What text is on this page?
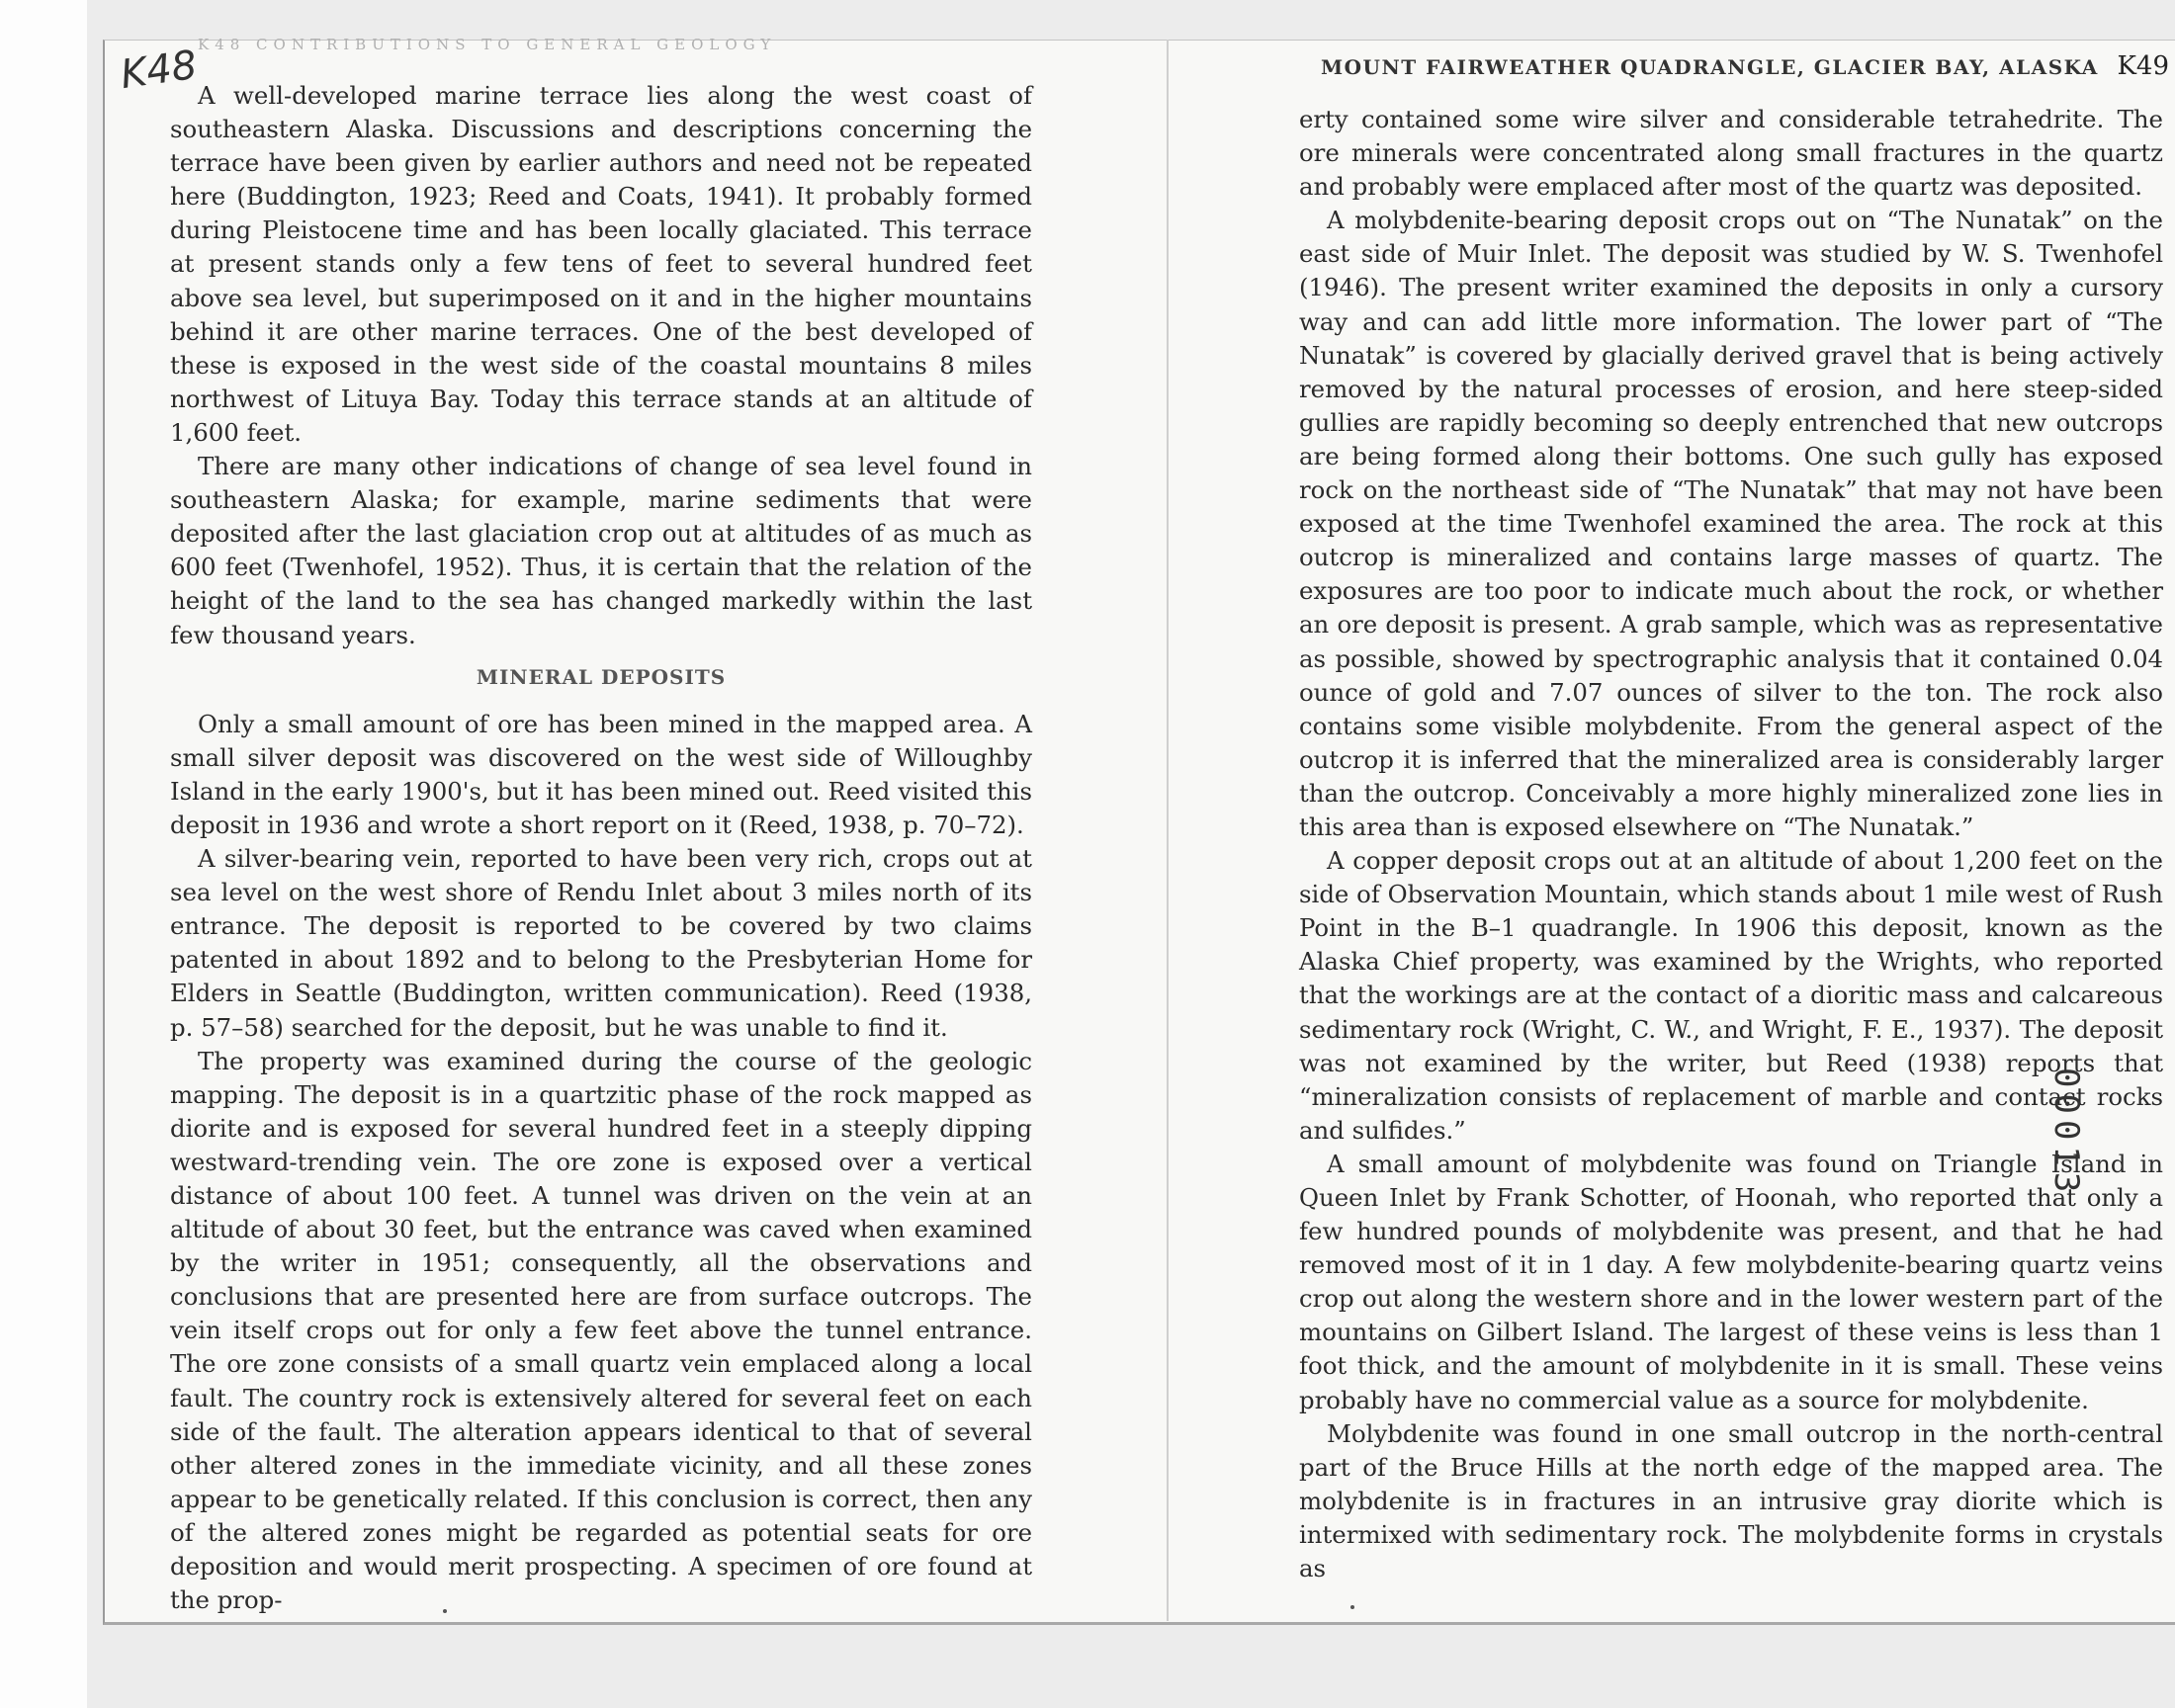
K48
K48 CONTRIBUTIONS TO GENERAL GEOLOGY
MOUNT FAIRWEATHER QUADRANGLE, GLACIER BAY, ALASKA K49

A well-developed marine terrace lies along the west coast of southeastern Alaska. Discussions and descriptions concerning the terrace have been given by earlier authors and need not be repeated here (Buddington, 1923; Reed and Coats, 1941). It probably formed during Pleistocene time and has been locally glaciated. This terrace at present stands only a few tens of feet to several hundred feet above sea level, but superimposed on it and in the higher mountains behind it are other marine terraces. One of the best developed of these is exposed in the west side of the coastal mountains 8 miles northwest of Lituya Bay. Today this terrace stands at an altitude of 1,600 feet.

There are many other indications of change of sea level found in southeastern Alaska; for example, marine sediments that were deposited after the last glaciation crop out at altitudes of as much as 600 feet (Twenhofel, 1952). Thus, it is certain that the relation of the height of the land to the sea has changed markedly within the last few thousand years.

MINERAL DEPOSITS

Only a small amount of ore has been mined in the mapped area. A small silver deposit was discovered on the west side of Willoughby Island in the early 1900's, but it has been mined out. Reed visited this deposit in 1936 and wrote a short report on it (Reed, 1938, p. 70–72).

A silver-bearing vein, reported to have been very rich, crops out at sea level on the west shore of Rendu Inlet about 3 miles north of its entrance. The deposit is reported to be covered by two claims patented in about 1892 and to belong to the Presbyterian Home for Elders in Seattle (Buddington, written communication). Reed (1938, p. 57–58) searched for the deposit, but he was unable to find it.

The property was examined during the course of the geologic mapping. The deposit is in a quartzitic phase of the rock mapped as diorite and is exposed for several hundred feet in a steeply dipping westward-trending vein. The ore zone is exposed over a vertical distance of about 100 feet. A tunnel was driven on the vein at an altitude of about 30 feet, but the entrance was caved when examined by the writer in 1951; consequently, all the observations and conclusions that are presented here are from surface outcrops. The vein itself crops out for only a few feet above the tunnel entrance. The ore zone consists of a small quartz vein emplaced along a local fault. The country rock is extensively altered for several feet on each side of the fault. The alteration appears identical to that of several other altered zones in the immediate vicinity, and all these zones appear to be genetically related. If this conclusion is correct, then any of the altered zones might be regarded as potential seats for ore deposition and would merit prospecting. A specimen of ore found at the prop-

erty contained some wire silver and considerable tetrahedrite. The ore minerals were concentrated along small fractures in the quartz and probably were emplaced after most of the quartz was deposited.

A molybdenite-bearing deposit crops out on “The Nunatak” on the east side of Muir Inlet. The deposit was studied by W. S. Twenhofel (1946). The present writer examined the deposits in only a cursory way and can add little more information. The lower part of “The Nunatak” is covered by glacially derived gravel that is being actively removed by the natural processes of erosion, and here steep-sided gullies are rapidly becoming so deeply entrenched that new outcrops are being formed along their bottoms. One such gully has exposed rock on the northeast side of “The Nunatak” that may not have been exposed at the time Twenhofel examined the area. The rock at this outcrop is mineralized and contains large masses of quartz. The exposures are too poor to indicate much about the rock, or whether an ore deposit is present. A grab sample, which was as representative as possible, showed by spectrographic analysis that it contained 0.04 ounce of gold and 7.07 ounces of silver to the ton. The rock also contains some visible molybdenite. From the general aspect of the outcrop it is inferred that the mineralized area is considerably larger than the outcrop. Conceivably a more highly mineralized zone lies in this area than is exposed elsewhere on “The Nunatak.”

A copper deposit crops out at an altitude of about 1,200 feet on the side of Observation Mountain, which stands about 1 mile west of Rush Point in the B–1 quadrangle. In 1906 this deposit, known as the Alaska Chief property, was examined by the Wrights, who reported that the workings are at the contact of a dioritic mass and calcareous sedimentary rock (Wright, C. W., and Wright, F. E., 1937). The deposit was not examined by the writer, but Reed (1938) reports that “mineralization consists of replacement of marble and contact rocks and sulfides.”

A small amount of molybdenite was found on Triangle Island in Queen Inlet by Frank Schotter, of Hoonah, who reported that only a few hundred pounds of molybdenite was present, and that he had removed most of it in 1 day. A few molybdenite-bearing quartz veins crop out along the western shore and in the lower western part of the mountains on Gilbert Island. The largest of these veins is less than 1 foot thick, and the amount of molybdenite in it is small. These veins probably have no commercial value as a source for molybdenite.

Molybdenite was found in one small outcrop in the north-central part of the Bruce Hills at the north edge of the mapped area. The molybdenite is in fractures in an intrusive gray diorite which is intermixed with sedimentary rock. The molybdenite forms in crystals as

00013
